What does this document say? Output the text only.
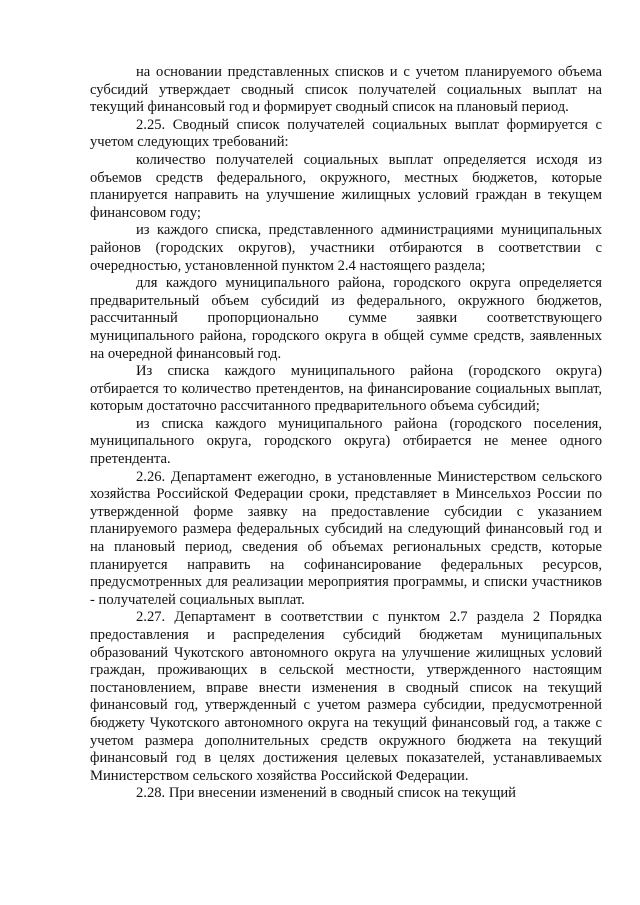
на основании представленных списков и с учетом планируемого объема субсидий утверждает сводный список получателей социальных выплат на текущий финансовый год и формирует сводный список на плановый период.

2.25. Сводный список получателей социальных выплат формируется с учетом следующих требований:

количество получателей социальных выплат определяется исходя из объемов средств федерального, окружного, местных бюджетов, которые планируется направить на улучшение жилищных условий граждан в текущем финансовом году;

из каждого списка, представленного администрациями муниципальных районов (городских округов), участники отбираются в соответствии с очередностью, установленной пунктом 2.4 настоящего раздела;

для каждого муниципального района, городского округа определяется предварительный объем субсидий из федерального, окружного бюджетов, рассчитанный пропорционально сумме заявки соответствующего муниципального района, городского округа в общей сумме средств, заявленных на очередной финансовый год.

Из списка каждого муниципального района (городского округа) отбирается то количество претендентов, на финансирование социальных выплат, которым достаточно рассчитанного предварительного объема субсидий;

из списка каждого муниципального района (городского поселения, муниципального округа, городского округа) отбирается не менее одного претендента.

2.26. Департамент ежегодно, в установленные Министерством сельского хозяйства Российской Федерации сроки, представляет в Минсельхоз России по утвержденной форме заявку на предоставление субсидии с указанием планируемого размера федеральных субсидий на следующий финансовый год и на плановый период, сведения об объемах региональных средств, которые планируется направить на софинансирование федеральных ресурсов, предусмотренных для реализации мероприятия программы, и списки участников - получателей социальных выплат.

2.27. Департамент в соответствии с пунктом 2.7 раздела 2 Порядка предоставления и распределения субсидий бюджетам муниципальных образований Чукотского автономного округа на улучшение жилищных условий граждан, проживающих в сельской местности, утвержденного настоящим постановлением, вправе внести изменения в сводный список на текущий финансовый год, утвержденный с учетом размера субсидии, предусмотренной бюджету Чукотского автономного округа на текущий финансовый год, а также с учетом размера дополнительных средств окружного бюджета на текущий финансовый год в целях достижения целевых показателей, устанавливаемых Министерством сельского хозяйства Российской Федерации.

2.28. При внесении изменений в сводный список на текущий
